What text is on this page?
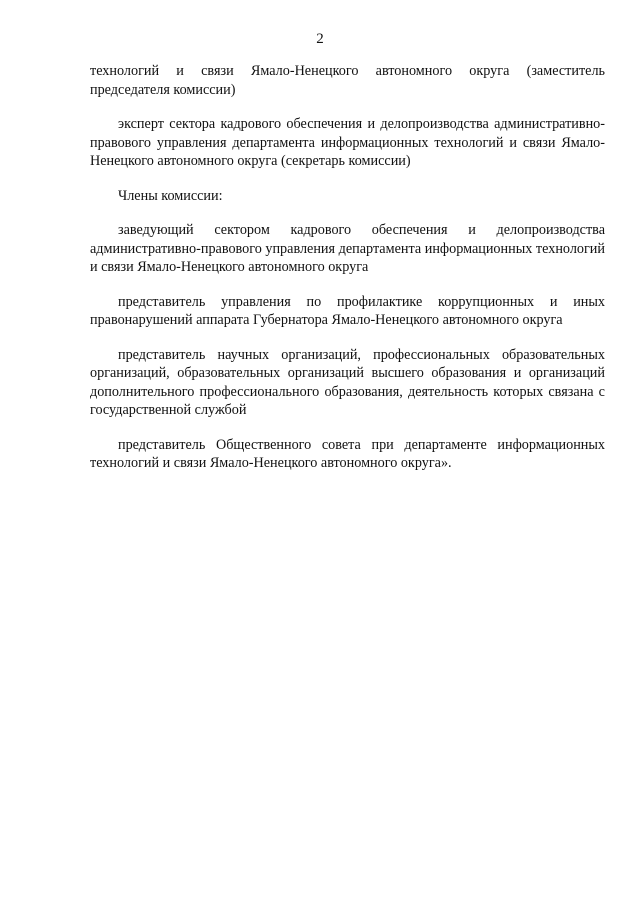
2

технологий и связи Ямало-Ненецкого автономного округа (заместитель председателя комиссии)

эксперт сектора кадрового обеспечения и делопроизводства административно-правового управления департамента информационных технологий и связи Ямало-Ненецкого автономного округа (секретарь комиссии)

Члены комиссии:

заведующий сектором кадрового обеспечения и делопроизводства административно-правового управления департамента информационных технологий и связи Ямало-Ненецкого автономного округа

представитель управления по профилактике коррупционных и иных правонарушений аппарата Губернатора Ямало-Ненецкого автономного округа

представитель научных организаций, профессиональных образовательных организаций, образовательных организаций высшего образования и организаций дополнительного профессионального образования, деятельность которых связана с государственной службой

представитель Общественного совета при департаменте информационных технологий и связи Ямало-Ненецкого автономного округа».
